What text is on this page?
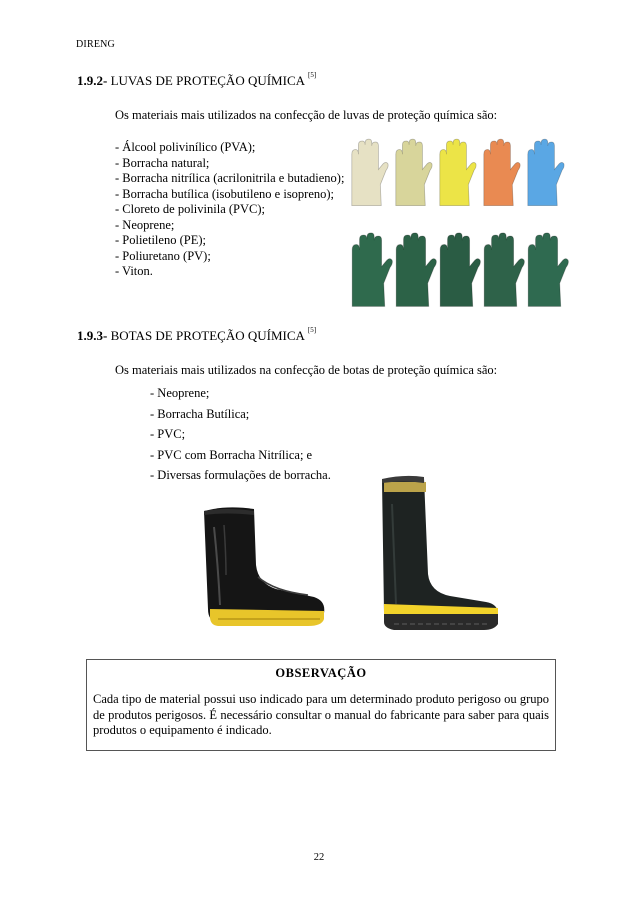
DIRENG
1.9.2- LUVAS DE PROTEÇÃO QUÍMICA [5]
Os materiais mais utilizados na confecção de luvas de proteção química são:
- Álcool polivinílico (PVA);
- Borracha natural;
- Borracha nitrílica (acrilonitrila e butadieno);
- Borracha butílica (isobutileno e isopreno);
- Cloreto de polivinila (PVC);
- Neoprene;
- Polietileno (PE);
- Poliuretano (PV);
- Viton.
1.9.3- BOTAS DE PROTEÇÃO QUÍMICA [5]
Os materiais mais utilizados na confecção de botas de proteção química são:
- Neoprene;
- Borracha Butílica;
- PVC;
- PVC com Borracha Nitrílica; e
- Diversas formulações de borracha.
OBSERVAÇÃO
Cada tipo de material possui uso indicado para um determinado produto perigoso ou grupo de produtos perigosos. É necessário consultar o manual do fabricante para saber para quais produtos o equipamento é indicado.
22
